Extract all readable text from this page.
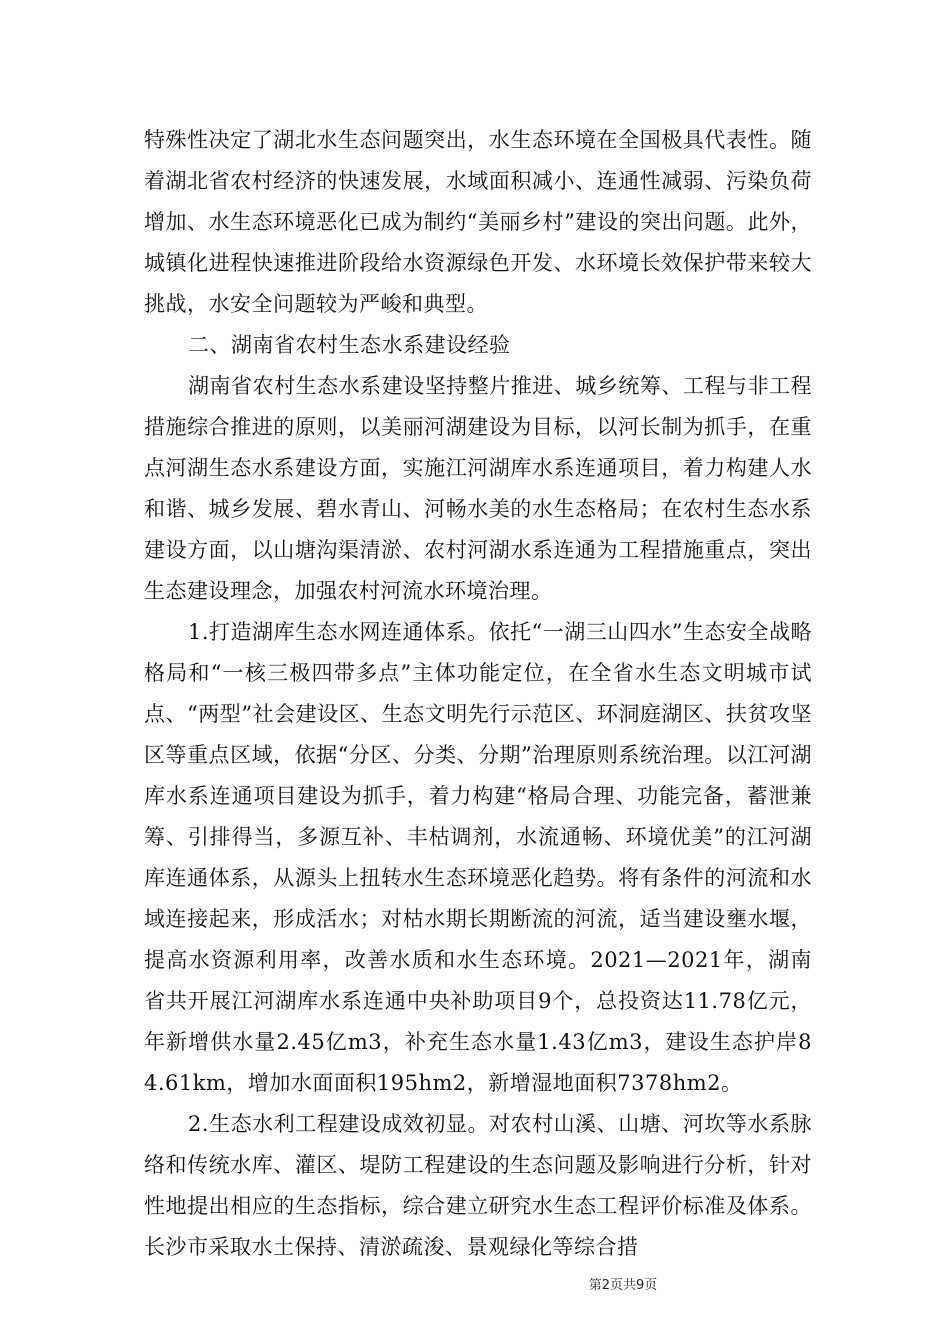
特殊性决定了湖北水生态问题突出，水生态环境在全国极具代表性。随着湖北省农村经济的快速发展，水域面积减小、连通性减弱、污染负荷增加、水生态环境恶化已成为制约“美丽乡村”建设的突出问题。此外，城镇化进程快速推进阶段给水资源绿色开发、水环境长效保护带来较大挑战，水安全问题较为严峻和典型。

二、湖南省农村生态水系建设经验

湖南省农村生态水系建设坚持整片推进、城乡统筹、工程与非工程措施综合推进的原则，以美丽河湖建设为目标，以河长制为抓手，在重点河湖生态水系建设方面，实施江河湖库水系连通项目，着力构建人水和谐、城乡发展、碧水青山、河畅水美的水生态格局；在农村生态水系建设方面，以山塘沟渠清淤、农村河湖水系连通为工程措施重点，突出生态建设理念，加强农村河流水环境治理。

1.打造湖库生态水网连通体系。依托“一湖三山四水”生态安全战略格局和“一核三极四带多点”主体功能定位，在全省水生态文明城市试点、“两型”社会建设区、生态文明先行示范区、环洞庭湖区、扶贫攻坚区等重点区域，依据“分区、分类、分期”治理原则系统治理。以江河湖库水系连通项目建设为抓手，着力构建“格局合理、功能完备，蓄泄兼筹、引排得当，多源互补、丰枯调剂，水流通畅、环境优美”的江河湖库连通体系，从源头上扭转水生态环境恶化趋势。将有条件的河流和水域连接起来，形成活水；对枯水期长期断流的河流，适当建设壅水堰，提高水资源利用率，改善水质和水生态环境。2021—2021年，湖南省共开展江河湖库水系连通中央补助项目9个，总投资达11.78亿元，年新增供水量2.45亿m3，补充生态水量1.43亿m3，建设生态护岸84.61km，增加水面面积195hm2，新增湿地面积7378hm2。

2.生态水利工程建设成效初显。对农村山溪、山塘、河坎等水系脉络和传统水库、灌区、堤防工程建设的生态问题及影响进行分析，针对性地提出相应的生态指标，综合建立研究水生态工程评价标准及体系。长沙市采取水土保持、清淤疏浚、景观绿化等综合措

第2页共9页
